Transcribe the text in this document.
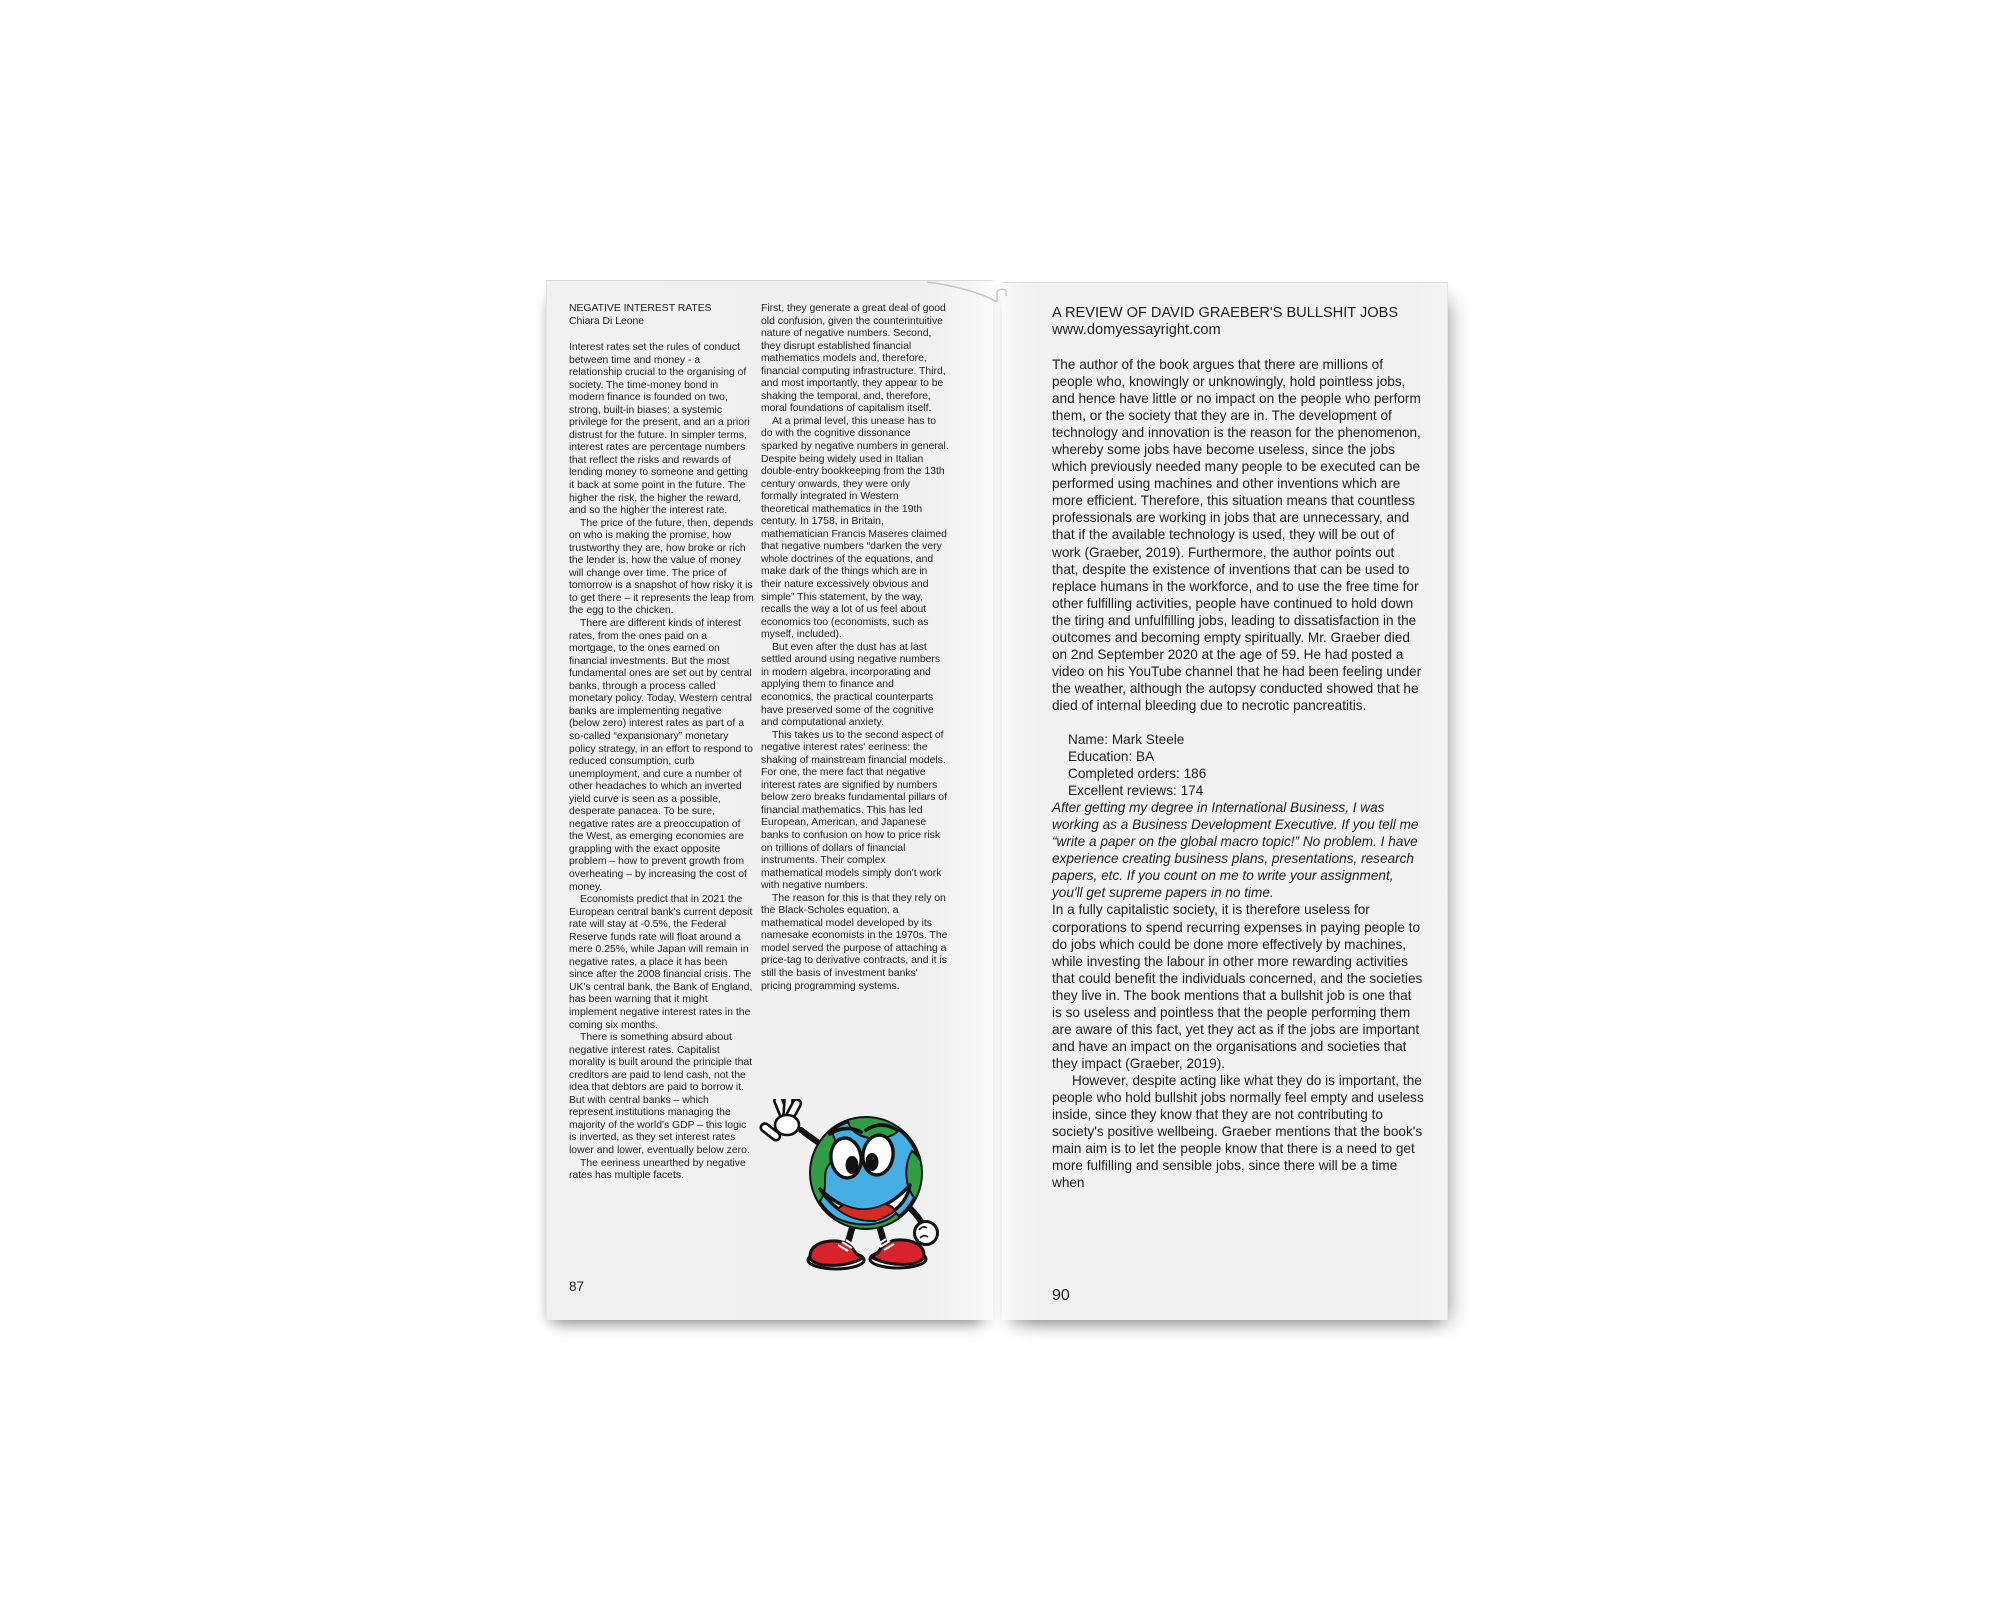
NEGATIVE INTEREST RATES

Chiara Di Leone

Interest rates set the rules of conduct between time and money - a relationship crucial to the organising of society. The time-money bond in modern finance is founded on two, strong, built-in biases: a systemic privilege for the present, and an a priori distrust for the future. In simpler terms, interest rates are percentage numbers that reflect the risks and rewards of lending money to someone and getting it back at some point in the future. The higher the risk, the higher the reward, and so the higher the interest rate.

The price of the future, then, depends on who is making the promise, how trustworthy they are, how broke or rich the lender is, how the value of money will change over time. The price of tomorrow is a snapshot of how risky it is to get there – it represents the leap from the egg to the chicken.

There are different kinds of interest rates, from the ones paid on a mortgage, to the ones earned on financial investments. But the most fundamental ones are set out by central banks, through a process called monetary policy. Today, Western central banks are implementing negative (below zero) interest rates as part of a so-called “expansionary” monetary policy strategy, in an effort to respond to reduced consumption, curb unemployment, and cure a number of other headaches to which an inverted yield curve is seen as a possible, desperate panacea. To be sure, negative rates are a preoccupation of the West, as emerging economies are grappling with the exact opposite problem – how to prevent growth from overheating – by increasing the cost of money.

Economists predict that in 2021 the European central bank's current deposit rate will stay at -0.5%, the Federal Reserve funds rate will float around a mere 0.25%, while Japan will remain in negative rates, a place it has been since after the 2008 financial crisis. The UK's central bank, the Bank of England, has been warning that it might implement negative interest rates in the coming six months.

There is something absurd about negative interest rates. Capitalist morality is built around the principle that creditors are paid to lend cash, not the idea that debtors are paid to borrow it. But with central banks – which represent institutions managing the majority of the world's GDP – this logic is inverted, as they set interest rates lower and lower, eventually below zero.

The eeriness unearthed by negative rates has multiple facets.

First, they generate a great deal of good old confusion, given the counterintuitive nature of negative numbers. Second, they disrupt established financial mathematics models and, therefore, financial computing infrastructure. Third, and most importantly, they appear to be shaking the temporal, and, therefore, moral foundations of capitalism itself.

At a primal level, this unease has to do with the cognitive dissonance sparked by negative numbers in general. Despite being widely used in Italian double-entry bookkeeping from the 13th century onwards, they were only formally integrated in Western theoretical mathematics in the 19th century. In 1758, in Britain, mathematician Francis Maseres claimed that negative numbers “darken the very whole doctrines of the equations, and make dark of the things which are in their nature excessively obvious and simple” This statement, by the way, recalls the way a lot of us feel about economics too (economists, such as myself, included).

But even after the dust has at last settled around using negative numbers in modern algebra, incorporating and applying them to finance and economics, the practical counterparts have preserved some of the cognitive and computational anxiety.

This takes us to the second aspect of negative interest rates' eeriness: the shaking of mainstream financial models. For one, the mere fact that negative interest rates are signified by numbers below zero breaks fundamental pillars of financial mathematics. This has led European, American, and Japanese banks to confusion on how to price risk on trillions of dollars of financial instruments. Their complex mathematical models simply don't work with negative numbers.

The reason for this is that they rely on the Black-Scholes equation, a mathematical model developed by its namesake economists in the 1970s. The model served the purpose of attaching a price-tag to derivative contracts, and it is still the basis of investment banks' pricing programming systems.

87

A REVIEW OF DAVID GRAEBER'S BULLSHIT JOBS

www.domyessayright.com

The author of the book argues that there are millions of people who, knowingly or unknowingly, hold pointless jobs, and hence have little or no impact on the people who perform them, or the society that they are in. The development of technology and innovation is the reason for the phenomenon, whereby some jobs have become useless, since the jobs which previously needed many people to be executed can be performed using machines and other inventions which are more efficient. Therefore, this situation means that countless professionals are working in jobs that are unnecessary, and that if the available technology is used, they will be out of work (Graeber, 2019). Furthermore, the author points out that, despite the existence of inventions that can be used to replace humans in the workforce, and to use the free time for other fulfilling activities, people have continued to hold down the tiring and unfulfilling jobs, leading to dissatisfaction in the outcomes and becoming empty spiritually. Mr. Graeber died on 2nd September 2020 at the age of 59. He had posted a video on his YouTube channel that he had been feeling under the weather, although the autopsy conducted showed that he died of internal bleeding due to necrotic pancreatitis.

Name: Mark Steele

Education: BA

Completed orders: 186

Excellent reviews: 174

After getting my degree in International Business, I was working as a Business Development Executive. If you tell me “write a paper on the global macro topic!” No problem. I have experience creating business plans, presentations, research papers, etc. If you count on me to write your assignment, you'll get supreme papers in no time.

In a fully capitalistic society, it is therefore useless for corporations to spend recurring expenses in paying people to do jobs which could be done more effectively by machines, while investing the labour in other more rewarding activities that could benefit the individuals concerned, and the societies they live in. The book mentions that a bullshit job is one that is so useless and pointless that the people performing them are aware of this fact, yet they act as if the jobs are important and have an impact on the organisations and societies that they impact (Graeber, 2019).

However, despite acting like what they do is important, the people who hold bullshit jobs normally feel empty and useless inside, since they know that they are not contributing to society's positive wellbeing. Graeber mentions that the book's main aim is to let the people know that there is a need to get more fulfilling and sensible jobs, since there will be a time when

90
